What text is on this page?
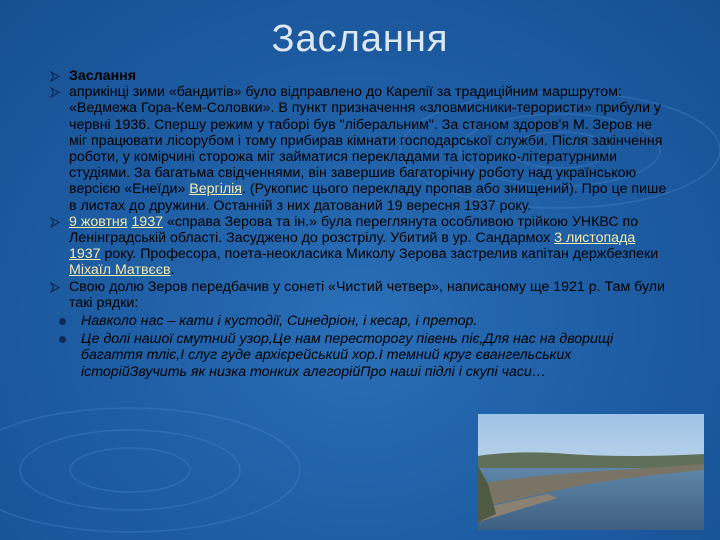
Заслання

Заслання

априкінці зими «бандитів» було відправлено до Карелії за традиційним маршрутом: «Ведмежа Гора-Кем-Соловки». В пункт призначення «зловмисники-терористи» прибули у червні 1936. Спершу режим у таборі був "ліберальним". За станом здоров'я М. Зеров не міг працювати лісорубом і тому прибирав кімнати господарської служби. Після закінчення роботи, у комірчині сторожа міг займатися перекладами та історико-літературними студіями. За багатьма свідченнями, він завершив багаторічну роботу над українською версією «Енеїди» Вергілія. (Рукопис цього перекладу пропав або знищений). Про це пише в листах до дружини. Останній з них датований 19 вересня 1937 року.

9 жовтня 1937 «справа Зерова та ін.» була переглянута особливою трійкою УНКВС по Ленінградській області. Засуджено до розстрілу. Убитий в ур. Сандармох 3 листопада 1937 року. Професора, поета-неокласика Миколу Зерова застрелив капітан держбезпеки Міхаїл Матвєєв.

Свою долю Зеров передбачив у сонеті «Чистий четвер», написаному ще 1921 р. Там були такі рядки:

Навколо нас – кати і кустодії, Синедріон, і кесар, і претор.

Це долі нашої смутний узор,Це нам пересторогу півень піє,Для нас на дворищі багаття тліє,І слуг гуде архієрейський хор.І темний круг євангельських історійЗвучить як низка тонких алегорійПро наші підлі і скупі часи…
